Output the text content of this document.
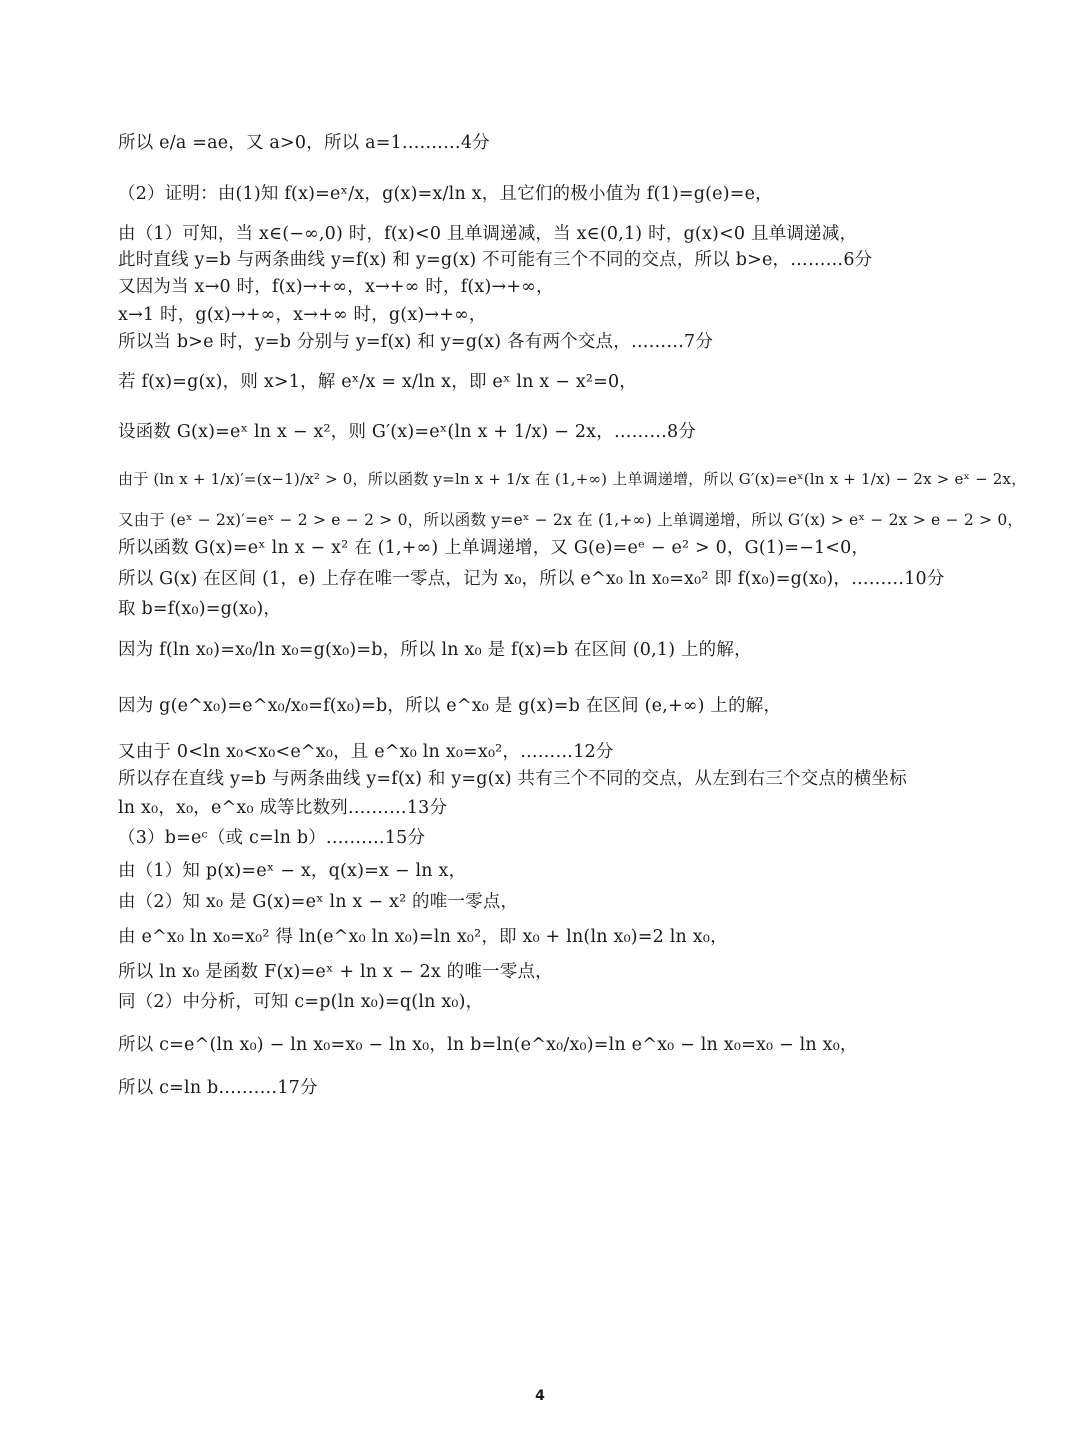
所以 e/a =ae，又 a>0，所以 a=1.………4分
（2）证明：由(1)知 f(x)=eˣ/x，g(x)=x/ln x，且它们的极小值为 f(1)=g(e)=e，
由（1）可知，当 x∈(−∞,0) 时，f(x)<0 且单调递减，当 x∈(0,1) 时，g(x)<0 且单调递减，
此时直线 y=b 与两条曲线 y=f(x) 和 y=g(x) 不可能有三个不同的交点，所以 b>e，………6分
又因为当 x→0 时，f(x)→+∞，x→+∞ 时，f(x)→+∞，
x→1 时，g(x)→+∞，x→+∞ 时，g(x)→+∞，
所以当 b>e 时，y=b 分别与 y=f(x) 和 y=g(x) 各有两个交点，………7分
若 f(x)=g(x)，则 x>1，解 eˣ/x = x/ln x，即 eˣ ln x − x²=0，
设函数 G(x)=eˣ ln x − x²，则 G′(x)=eˣ(ln x + 1/x) − 2x，………8分
由于 (ln x + 1/x)′=(x−1)/x² > 0，所以函数 y=ln x + 1/x 在 (1,+∞) 上单调递增，所以 G′(x)=eˣ(ln x + 1/x) − 2x > eˣ − 2x，
又由于 (eˣ − 2x)′=eˣ − 2 > e − 2 > 0，所以函数 y=eˣ − 2x 在 (1,+∞) 上单调递增，所以 G′(x) > eˣ − 2x > e − 2 > 0，
所以函数 G(x)=eˣ ln x − x² 在 (1,+∞) 上单调递增，又 G(e)=eᵉ − e² > 0，G(1)=−1<0，
所以 G(x) 在区间 (1，e) 上存在唯一零点，记为 x₀，所以 e^x₀ ln x₀=x₀² 即 f(x₀)=g(x₀)，………10分
取 b=f(x₀)=g(x₀)，
因为 f(ln x₀)=x₀/ln x₀=g(x₀)=b，所以 ln x₀ 是 f(x)=b 在区间 (0,1) 上的解，
因为 g(e^x₀)=e^x₀/x₀=f(x₀)=b，所以 e^x₀ 是 g(x)=b 在区间 (e,+∞) 上的解，
又由于 0<ln x₀<x₀<e^x₀，且 e^x₀ ln x₀=x₀²，………12分
所以存在直线 y=b 与两条曲线 y=f(x) 和 y=g(x) 共有三个不同的交点，从左到右三个交点的横坐标
ln x₀，x₀，e^x₀ 成等比数列.………13分
（3）b=eᶜ（或 c=ln b）.………15分
由（1）知 p(x)=eˣ − x，q(x)=x − ln x，
由（2）知 x₀ 是 G(x)=eˣ ln x − x² 的唯一零点，
由 e^x₀ ln x₀=x₀² 得 ln(e^x₀ ln x₀)=ln x₀²，即 x₀ + ln(ln x₀)=2 ln x₀，
所以 ln x₀ 是函数 F(x)=eˣ + ln x − 2x 的唯一零点，
同（2）中分析，可知 c=p(ln x₀)=q(ln x₀)，
所以 c=e^(ln x₀) − ln x₀=x₀ − ln x₀，ln b=ln(e^x₀/x₀)=ln e^x₀ − ln x₀=x₀ − ln x₀，
所以 c=ln b.………17分
4
